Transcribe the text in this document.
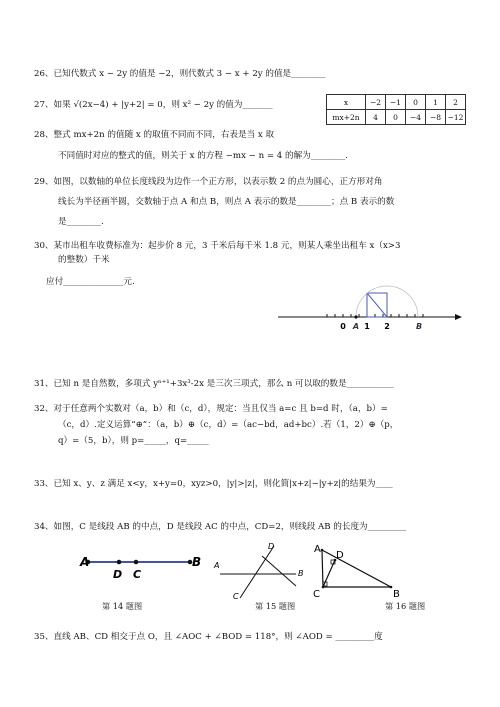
26、已知代数式 x − 2y 的值是 −2，则代数式 3 − x + 2y 的值是________
27、如果 √(2x−4) + |y+2| = 0，则 x² − 2y 的值为_______	x	−2	−1	0	1	2
mx+2n	4	0	−4	−8	−12
28、整式 mx+2n 的值随 x 的取值不同而不同，右表是当 x 取
不同值时对应的整式的值，则关于 x 的方程 −mx − n = 4 的解为________.
29、如图，以数轴的单位长度线段为边作一个正方形，以表示数 2 的点为圆心，正方形对角
线长为半径画半圆，交数轴于点 A 和点 B，则点 A 表示的数是________；点 B 表示的数
是________.
30、某市出租车收费标准为：起步价 8 元，3 千米后每千米 1.8 元，则某人乘坐出租车 x（x>3
的整数）千米
应付______________元.
0 A 1 2	B
31、已知 n 是自然数，多项式 yⁿ⁺¹+3x³-2x 是三次三项式，那么 n 可以取的数是___________
32、对于任意两个实数对（a，b）和（c，d），规定：当且仅当 a=c 且 b=d 时，（a，b）=
（c，d）.定义运算“⊕”：（a，b）⊕（c，d）=（ac−bd，ad+bc）.若（1，2）⊕（p，
q）=（5，b），则 p=_____，q=_____
33、已知 x、y、z 满足 x<y，x+y=0，xyz>0，|y|>|z|，则化简|x+z|−|y+z|的结果为____
34、如图，C 是线段 AB 的中点，D 是线段 AC 的中点，CD=2，则线段 AB 的长度为_________
A
D C
B
D
B
A
C
A
D
C	B
第 14 题图	第 15 题图	第 16 题图
35、直线 AB、CD 相交于点 O，且 ∠AOC + ∠BOD = 118°，则 ∠AOD = _________度
